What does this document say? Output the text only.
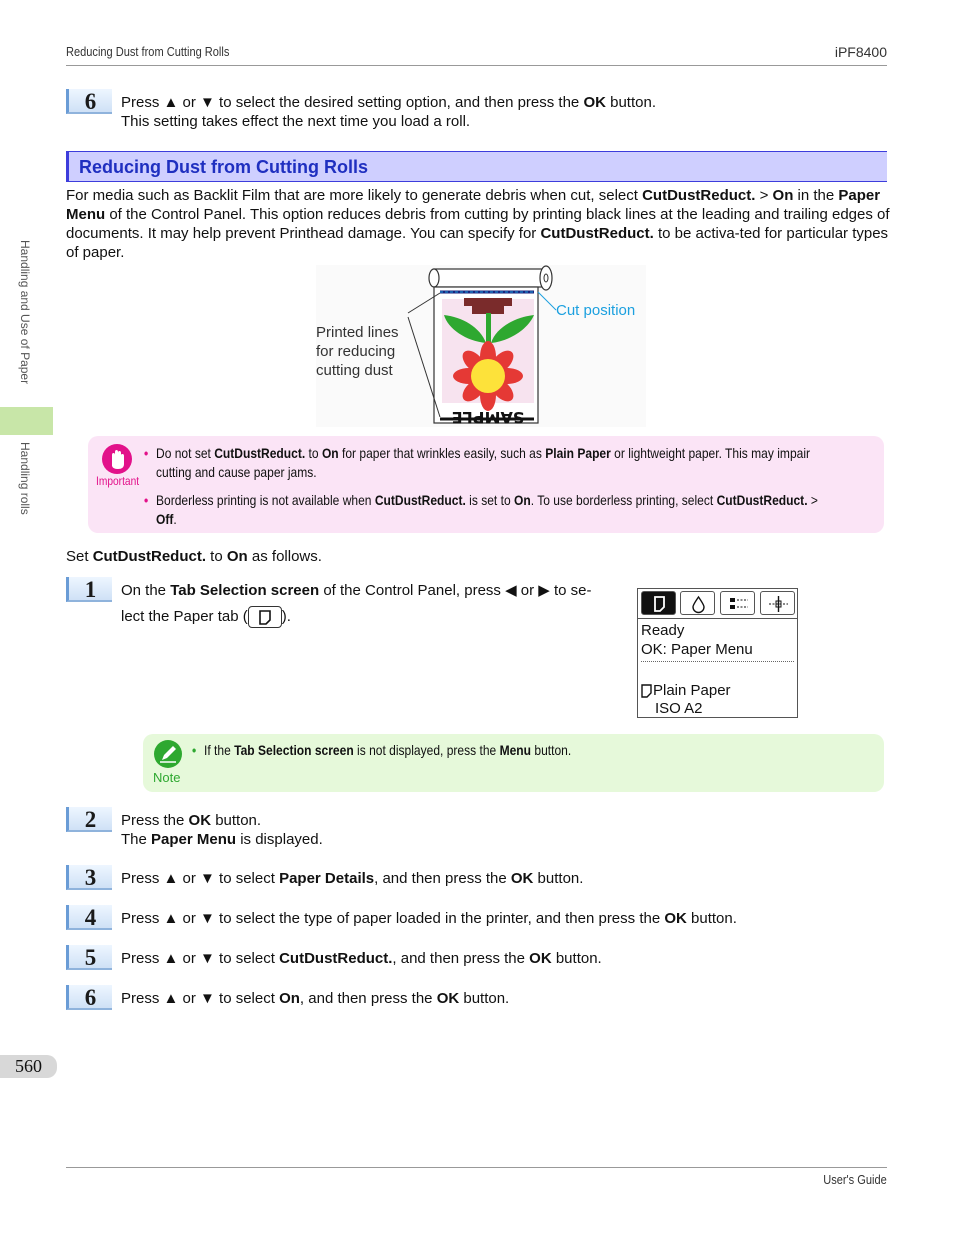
Reducing Dust from Cutting Rolls	iPF8400
Handling and Use of Paper
Handling rolls
560
User's Guide
6	Press ▲ or ▼ to select the desired setting option, and then press the OK button.
This setting takes effect the next time you load a roll.
Reducing Dust from Cutting Rolls
For media such as Backlit Film that are more likely to generate debris when cut, select CutDustReduct. > On in the Paper Menu of the Control Panel. This option reduces debris from cutting by printing black lines at the leading and trailing edges of documents. It may help prevent Printhead damage. You can specify for CutDustReduct. to be activa-ted for particular types of paper.
SAMPLE
Printed lines
for reducing
cutting dust
Cut position
Important
• Do not set CutDustReduct. to On for paper that wrinkles easily, such as Plain Paper or lightweight paper. This may impair
cutting and cause paper jams.
• Borderless printing is not available when CutDustReduct. is set to On. To use borderless printing, select CutDustReduct. >
Off.
Set CutDustReduct. to On as follows.
1	On the Tab Selection screen of the Control Panel, press ◀ or ▶ to se-
lect the Paper tab ( ).
Ready
OK: Paper Menu
Plain Paper
ISO A2
Note
• If the Tab Selection screen is not displayed, press the Menu button.
2	Press the OK button.
The Paper Menu is displayed.
3	Press ▲ or ▼ to select Paper Details, and then press the OK button.
4	Press ▲ or ▼ to select the type of paper loaded in the printer, and then press the OK button.
5	Press ▲ or ▼ to select CutDustReduct., and then press the OK button.
6	Press ▲ or ▼ to select On, and then press the OK button.
